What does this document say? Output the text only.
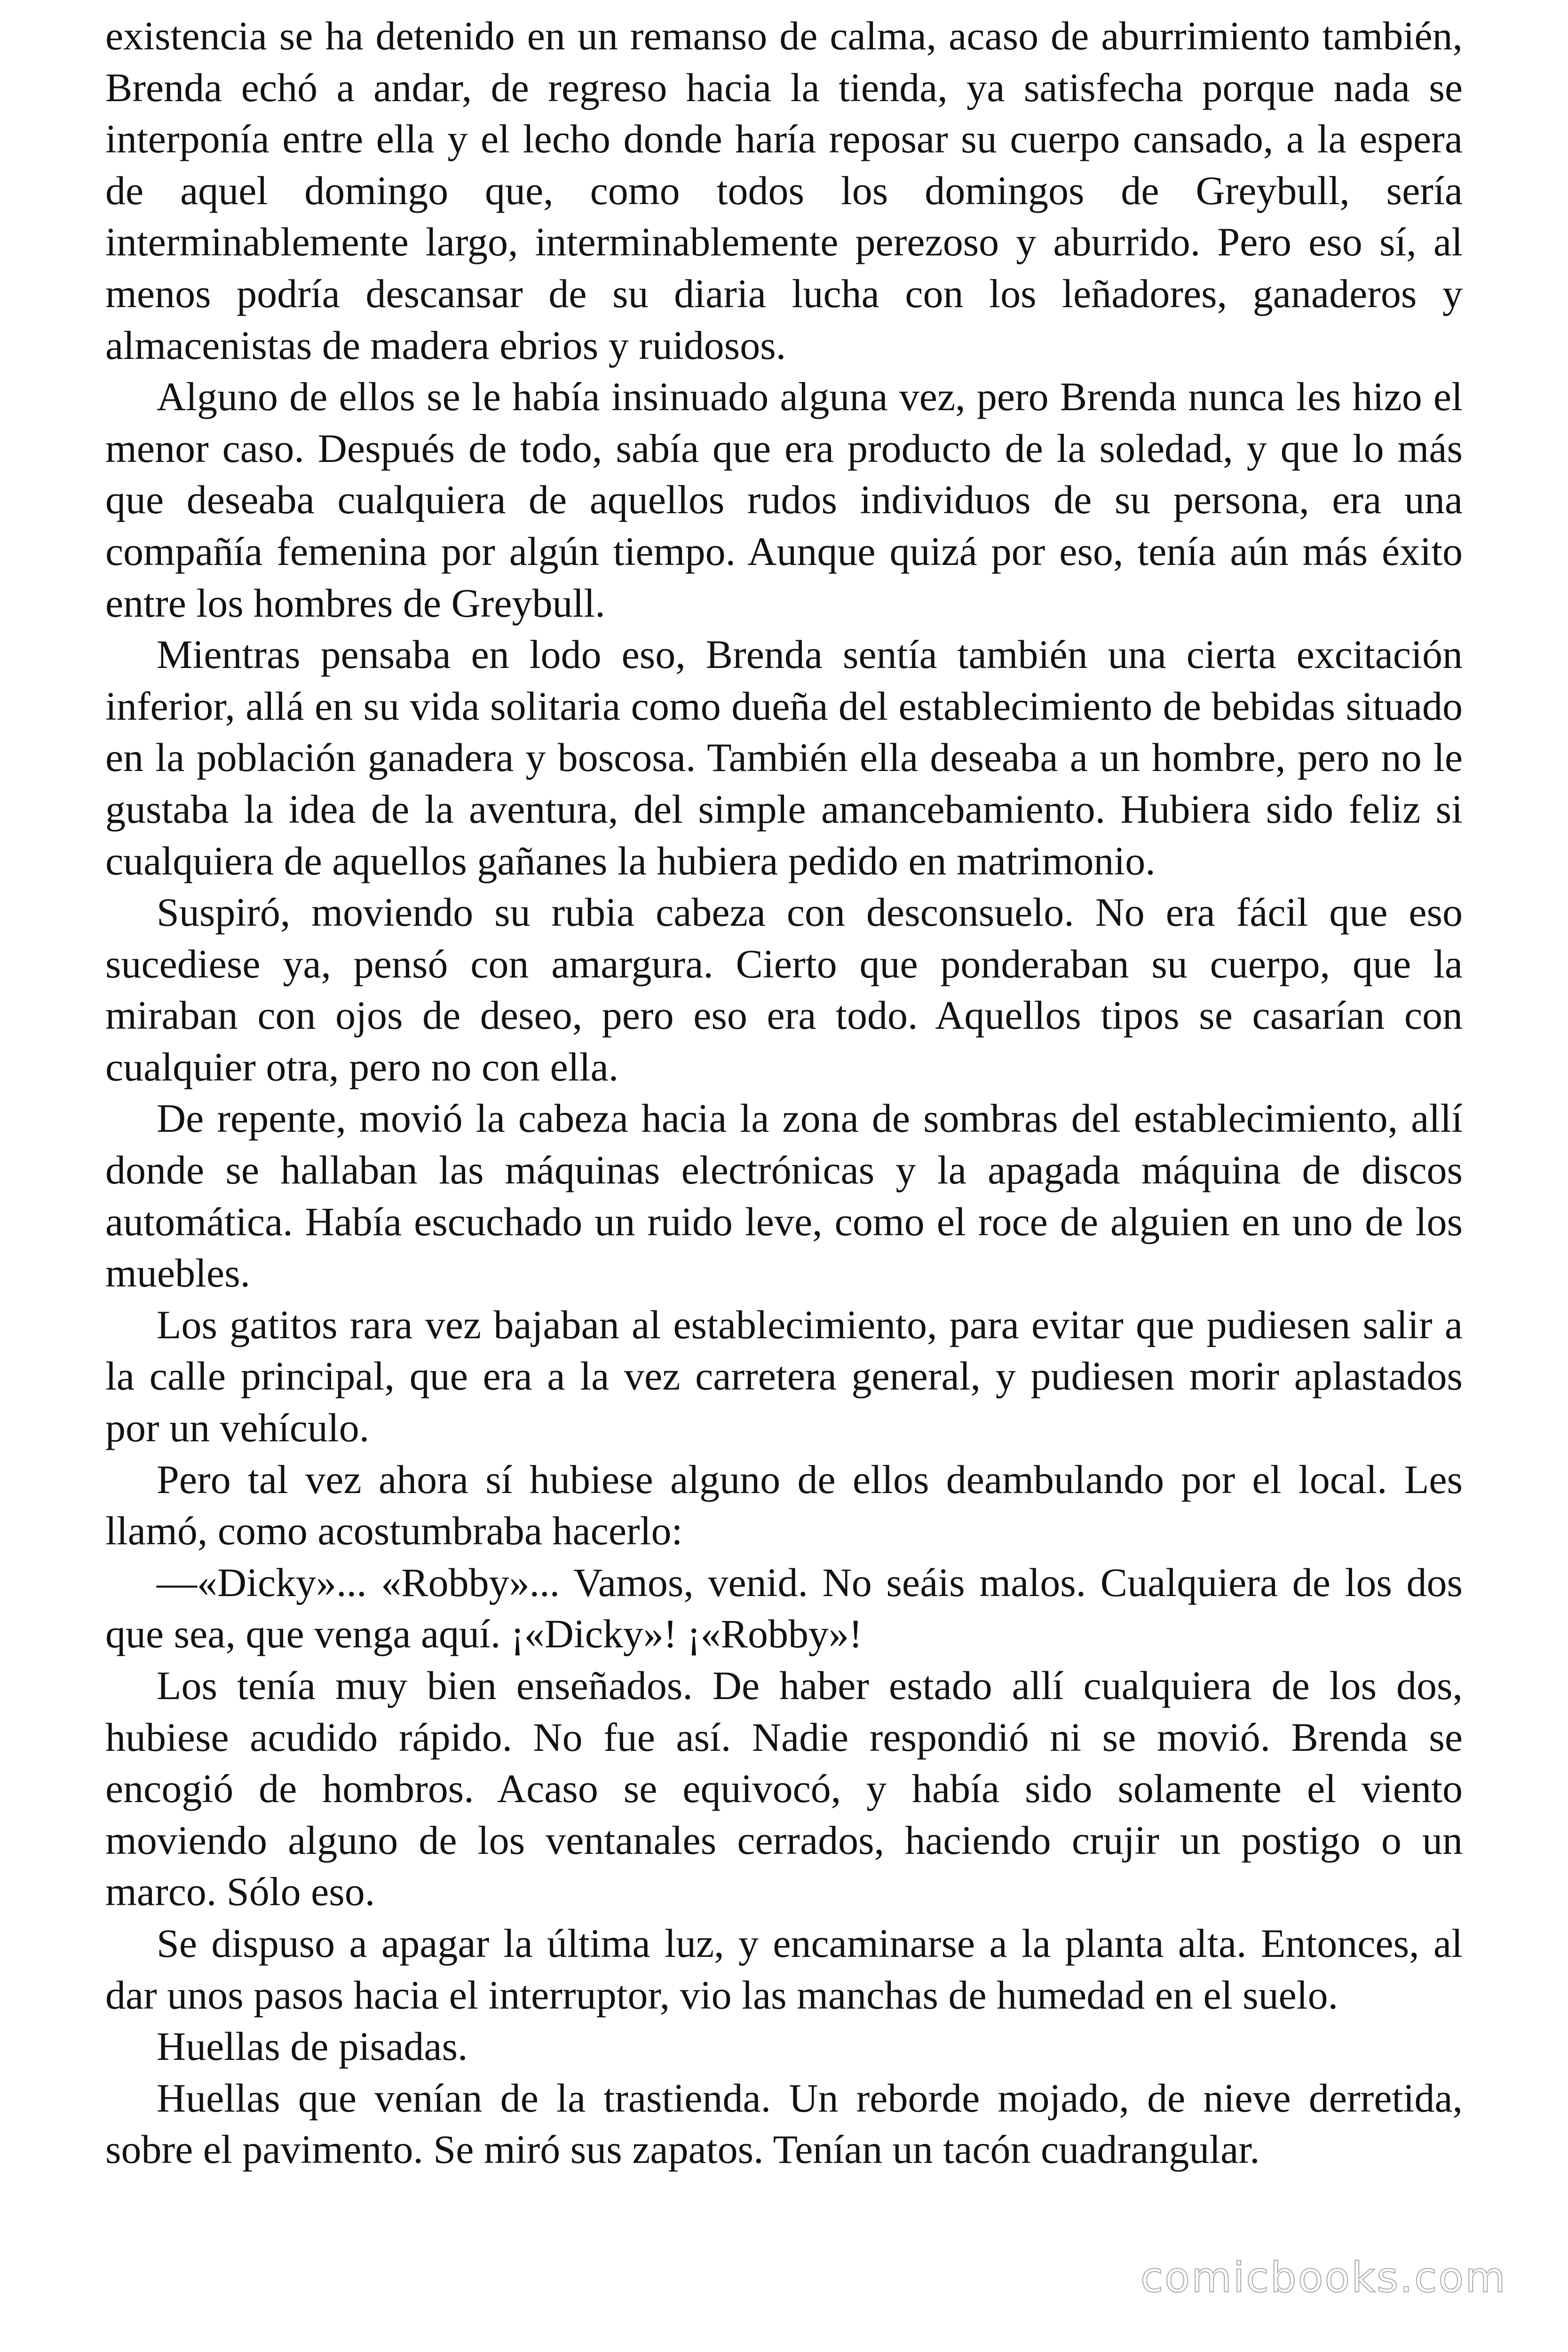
existencia se ha detenido en un remanso de calma, acaso de aburrimiento también, Brenda echó a andar, de regreso hacia la tienda, ya satisfecha porque nada se interponía entre ella y el lecho donde haría reposar su cuerpo cansado, a la espera de aquel domingo que, como todos los domingos de Greybull, sería interminablemente largo, interminablemente perezoso y aburrido. Pero eso sí, al menos podría descansar de su diaria lucha con los leñadores, ganaderos y almacenistas de madera ebrios y ruidosos.

Alguno de ellos se le había insinuado alguna vez, pero Brenda nunca les hizo el menor caso. Después de todo, sabía que era producto de la soledad, y que lo más que deseaba cualquiera de aquellos rudos individuos de su persona, era una compañía femenina por algún tiempo. Aunque quizá por eso, tenía aún más éxito entre los hombres de Greybull.

Mientras pensaba en lodo eso, Brenda sentía también una cierta excitación inferior, allá en su vida solitaria como dueña del establecimiento de bebidas situado en la población ganadera y boscosa. También ella deseaba a un hombre, pero no le gustaba la idea de la aventura, del simple amancebamiento. Hubiera sido feliz si cualquiera de aquellos gañanes la hubiera pedido en matrimonio.

Suspiró, moviendo su rubia cabeza con desconsuelo. No era fácil que eso sucediese ya, pensó con amargura. Cierto que ponderaban su cuerpo, que la miraban con ojos de deseo, pero eso era todo. Aquellos tipos se casarían con cualquier otra, pero no con ella.

De repente, movió la cabeza hacia la zona de sombras del establecimiento, allí donde se hallaban las máquinas electrónicas y la apagada máquina de discos automática. Había escuchado un ruido leve, como el roce de alguien en uno de los muebles.

Los gatitos rara vez bajaban al establecimiento, para evitar que pudiesen salir a la calle principal, que era a la vez carretera general, y pudiesen morir aplastados por un vehículo.

Pero tal vez ahora sí hubiese alguno de ellos deambulando por el local. Les llamó, como acostumbraba hacerlo:

—«Dicky»... «Robby»... Vamos, venid. No seáis malos. Cualquiera de los dos que sea, que venga aquí. ¡«Dicky»! ¡«Robby»!

Los tenía muy bien enseñados. De haber estado allí cualquiera de los dos, hubiese acudido rápido. No fue así. Nadie respondió ni se movió. Brenda se encogió de hombros. Acaso se equivocó, y había sido solamente el viento moviendo alguno de los ventanales cerrados, haciendo crujir un postigo o un marco. Sólo eso.

Se dispuso a apagar la última luz, y encaminarse a la planta alta. Entonces, al dar unos pasos hacia el interruptor, vio las manchas de humedad en el suelo.

Huellas de pisadas.

Huellas que venían de la trastienda. Un reborde mojado, de nieve derretida, sobre el pavimento. Se miró sus zapatos. Tenían un tacón cuadrangular.

comicbooks.com
